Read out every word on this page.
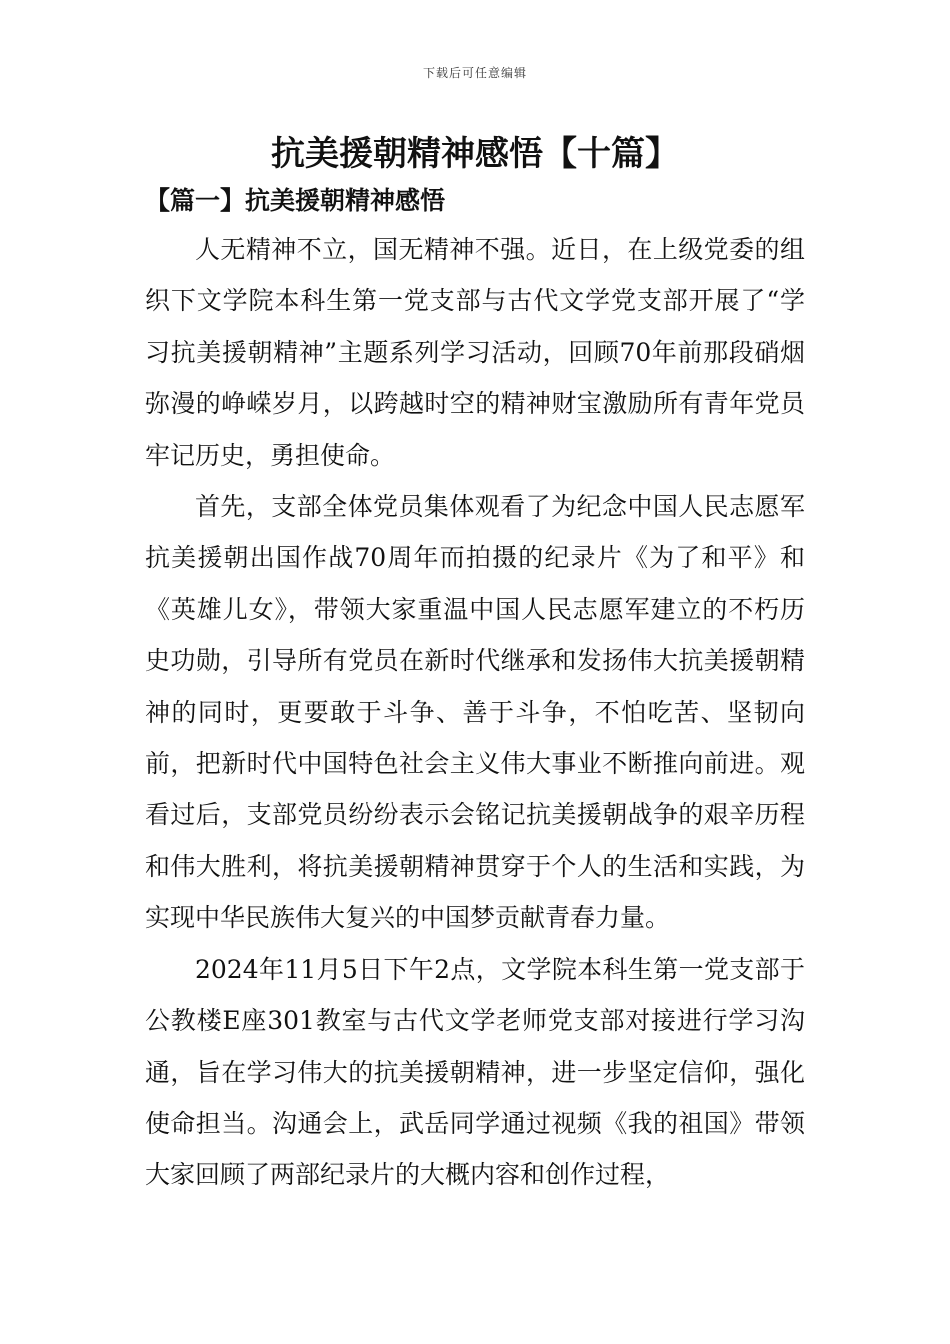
下载后可任意编辑
抗美援朝精神感悟【十篇】
【篇一】抗美援朝精神感悟

人无精神不立，国无精神不强。近日，在上级党委的组织下文学院本科生第一党支部与古代文学党支部开展了“学习抗美援朝精神”主题系列学习活动，回顾70年前那段硝烟弥漫的峥嵘岁月，以跨越时空的精神财宝激励所有青年党员牢记历史，勇担使命。

首先，支部全体党员集体观看了为纪念中国人民志愿军抗美援朝出国作战70周年而拍摄的纪录片《为了和平》和《英雄儿女》，带领大家重温中国人民志愿军建立的不朽历史功勋，引导所有党员在新时代继承和发扬伟大抗美援朝精神的同时，更要敢于斗争、善于斗争，不怕吃苦、坚韧向前，把新时代中国特色社会主义伟大事业不断推向前进。观看过后，支部党员纷纷表示会铭记抗美援朝战争的艰辛历程和伟大胜利，将抗美援朝精神贯穿于个人的生活和实践，为实现中华民族伟大复兴的中国梦贡献青春力量。

2024年11月5日下午2点，文学院本科生第一党支部于公教楼E座301教室与古代文学老师党支部对接进行学习沟通，旨在学习伟大的抗美援朝精神，进一步坚定信仰，强化使命担当。沟通会上，武岳同学通过视频《我的祖国》带领大家回顾了两部纪录片的大概内容和创作过程，
